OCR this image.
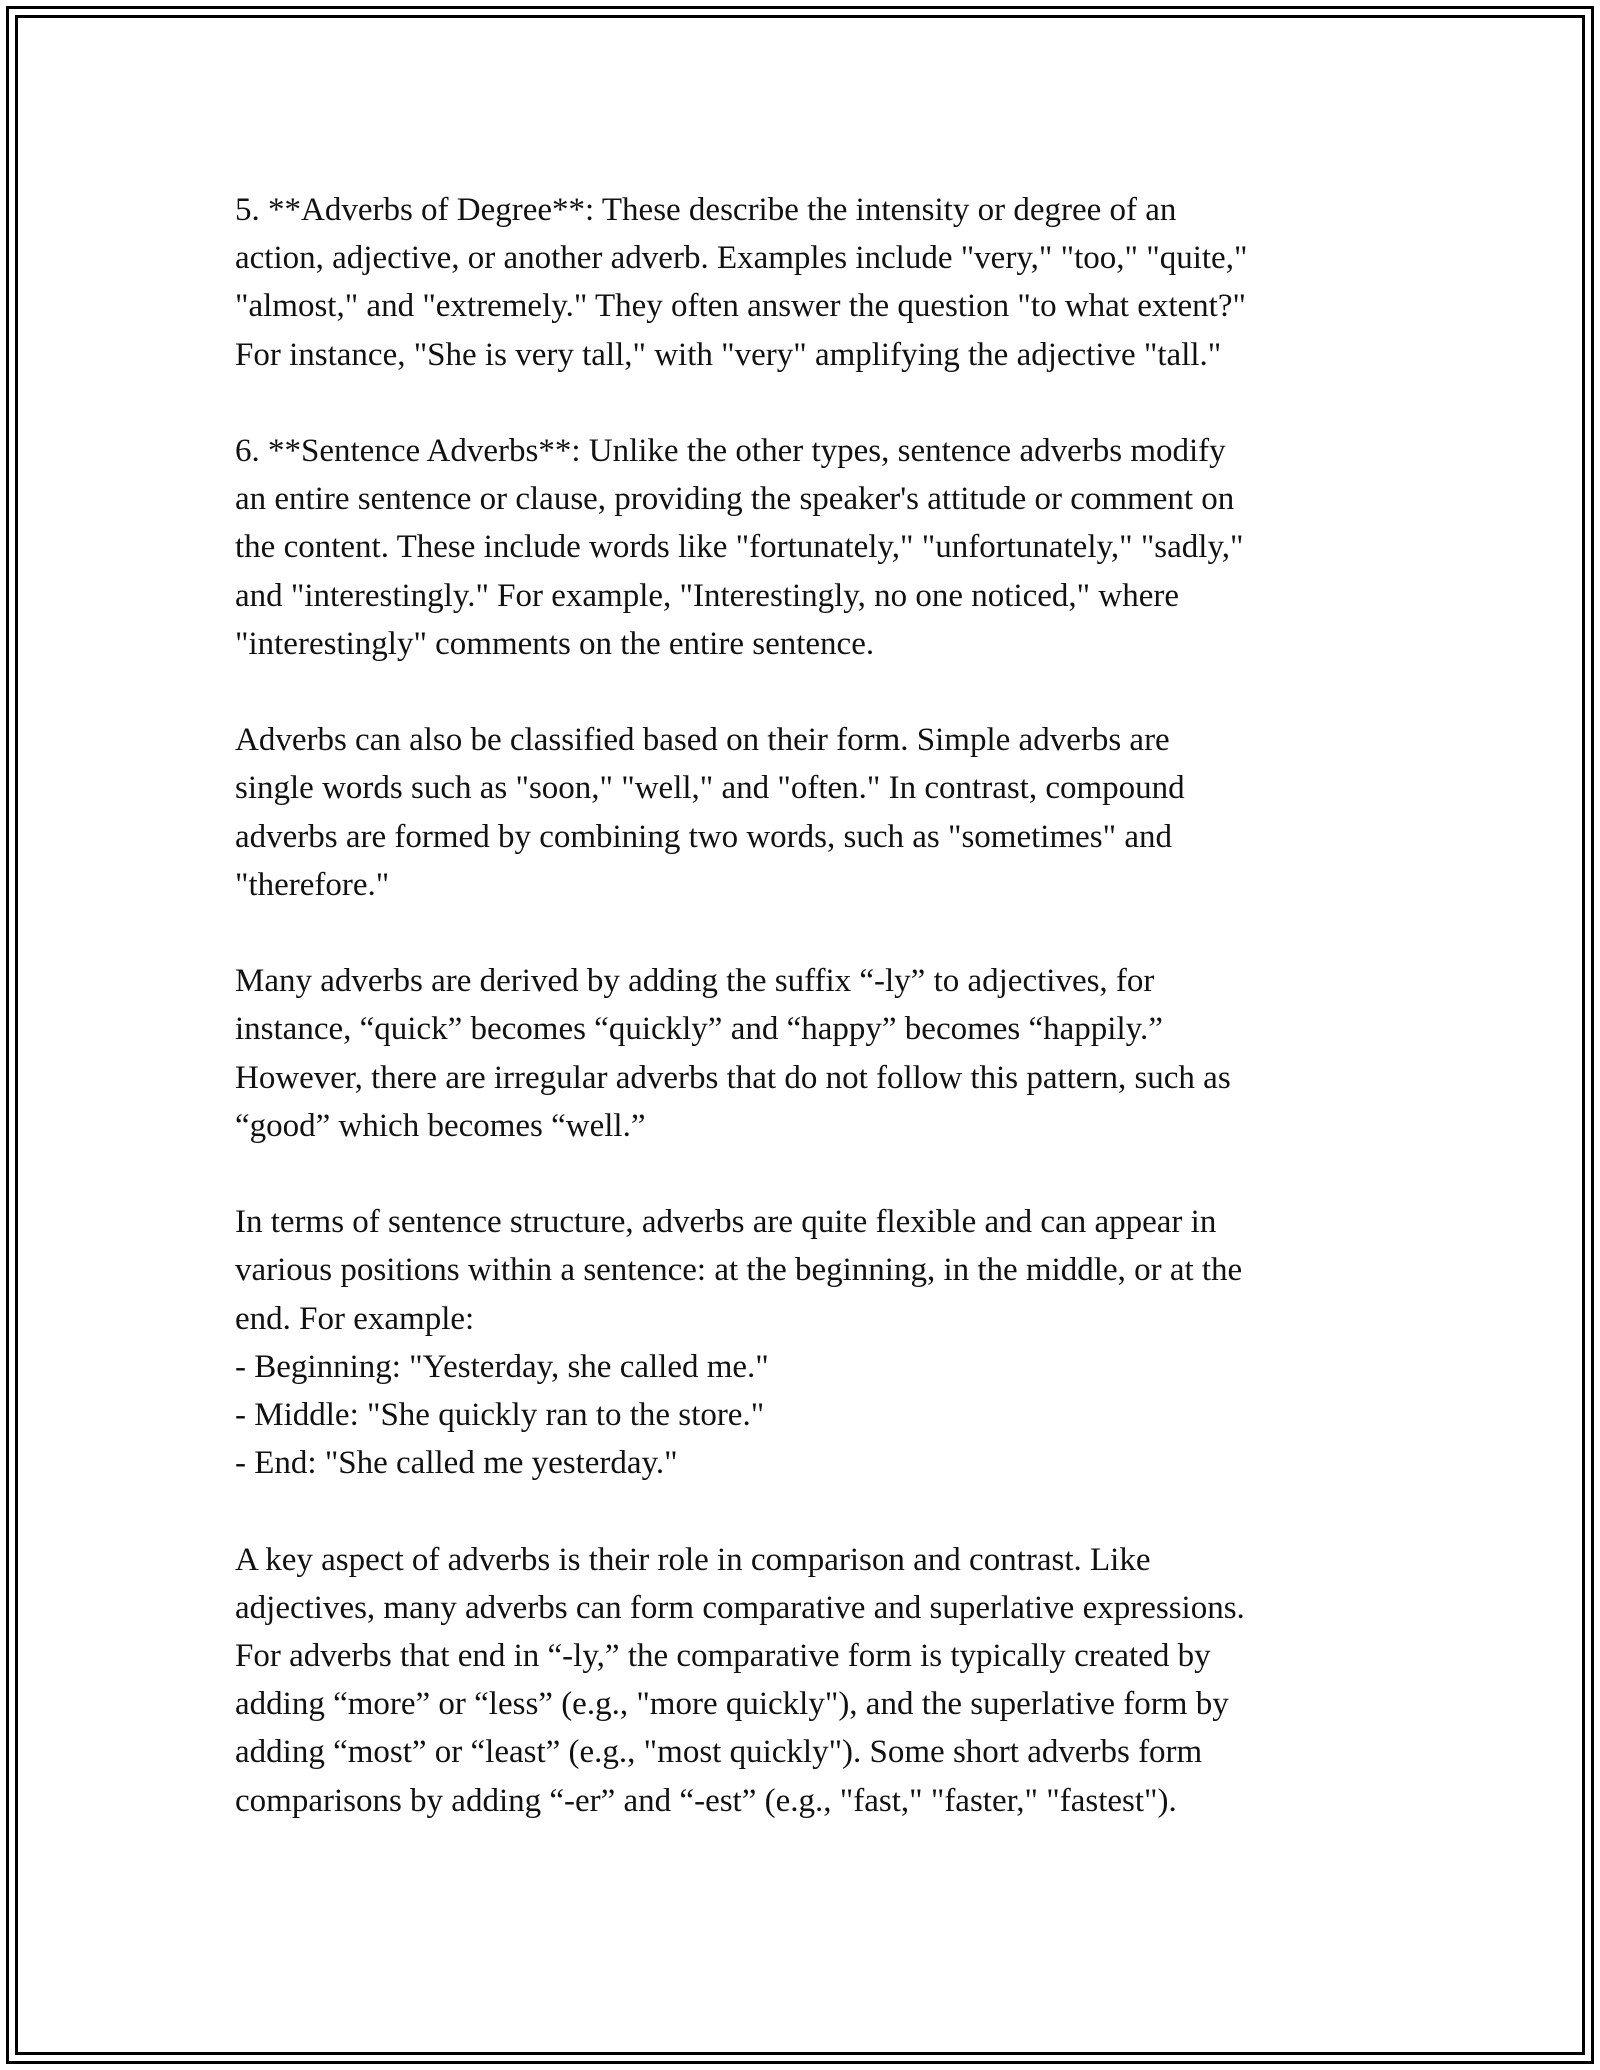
5. **Adverbs of Degree**: These describe the intensity or degree of an
action, adjective, or another adverb. Examples include "very," "too," "quite,"
"almost," and "extremely." They often answer the question "to what extent?"
For instance, "She is very tall," with "very" amplifying the adjective "tall."

6. **Sentence Adverbs**: Unlike the other types, sentence adverbs modify
an entire sentence or clause, providing the speaker's attitude or comment on
the content. These include words like "fortunately," "unfortunately," "sadly,"
and "interestingly." For example, "Interestingly, no one noticed," where
"interestingly" comments on the entire sentence.

Adverbs can also be classified based on their form. Simple adverbs are
single words such as "soon," "well," and "often." In contrast, compound
adverbs are formed by combining two words, such as "sometimes" and
"therefore."

Many adverbs are derived by adding the suffix “-ly” to adjectives, for
instance, “quick” becomes “quickly” and “happy” becomes “happily.”
However, there are irregular adverbs that do not follow this pattern, such as
“good” which becomes “well.”

In terms of sentence structure, adverbs are quite flexible and can appear in
various positions within a sentence: at the beginning, in the middle, or at the
end. For example:
- Beginning: "Yesterday, she called me."
- Middle: "She quickly ran to the store."
- End: "She called me yesterday."

A key aspect of adverbs is their role in comparison and contrast. Like
adjectives, many adverbs can form comparative and superlative expressions.
For adverbs that end in “-ly,” the comparative form is typically created by
adding “more” or “less” (e.g., "more quickly"), and the superlative form by
adding “most” or “least” (e.g., "most quickly"). Some short adverbs form
comparisons by adding “-er” and “-est” (e.g., "fast," "faster," "fastest").
